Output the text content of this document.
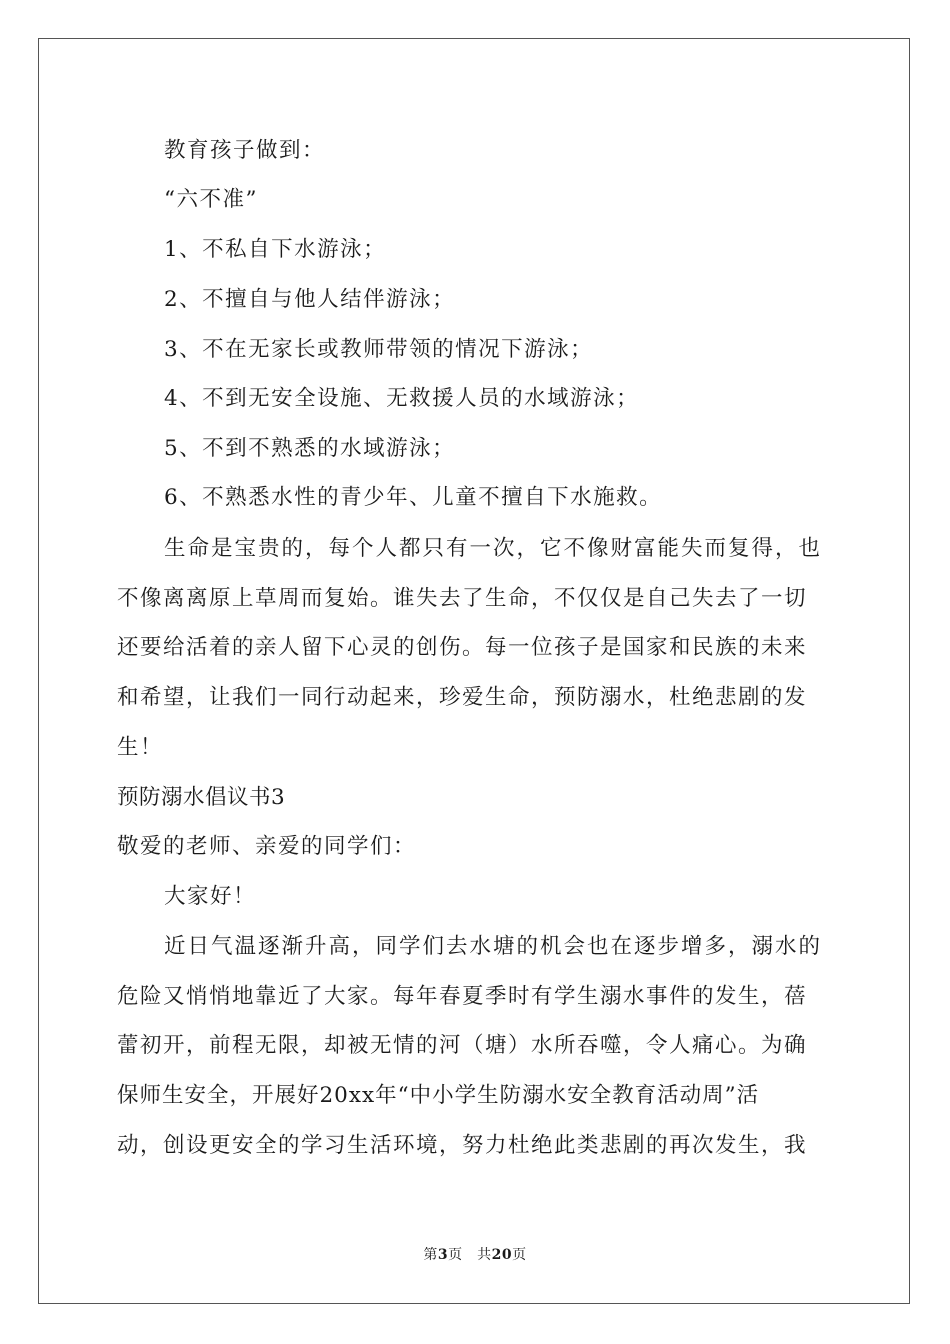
教育孩子做到：
“六不准”
1、不私自下水游泳；
2、不擅自与他人结伴游泳；
3、不在无家长或教师带领的情况下游泳；
4、不到无安全设施、无救援人员的水域游泳；
5、不到不熟悉的水域游泳；
6、不熟悉水性的青少年、儿童不擅自下水施救。
生命是宝贵的，每个人都只有一次，它不像财富能失而复得，也
不像离离原上草周而复始。谁失去了生命，不仅仅是自己失去了一切
还要给活着的亲人留下心灵的创伤。每一位孩子是国家和民族的未来
和希望，让我们一同行动起来，珍爱生命，预防溺水，杜绝悲剧的发
生！
预防溺水倡议书3
敬爱的老师、亲爱的同学们：
大家好！
近日气温逐渐升高，同学们去水塘的机会也在逐步增多，溺水的
危险又悄悄地靠近了大家。每年春夏季时有学生溺水事件的发生，蓓
蕾初开，前程无限，却被无情的河（塘）水所吞噬，令人痛心。为确
保师生安全，开展好20xx年“中小学生防溺水安全教育活动周”活
动，创设更安全的学习生活环境，努力杜绝此类悲剧的再次发生，我
第3页　共20页
